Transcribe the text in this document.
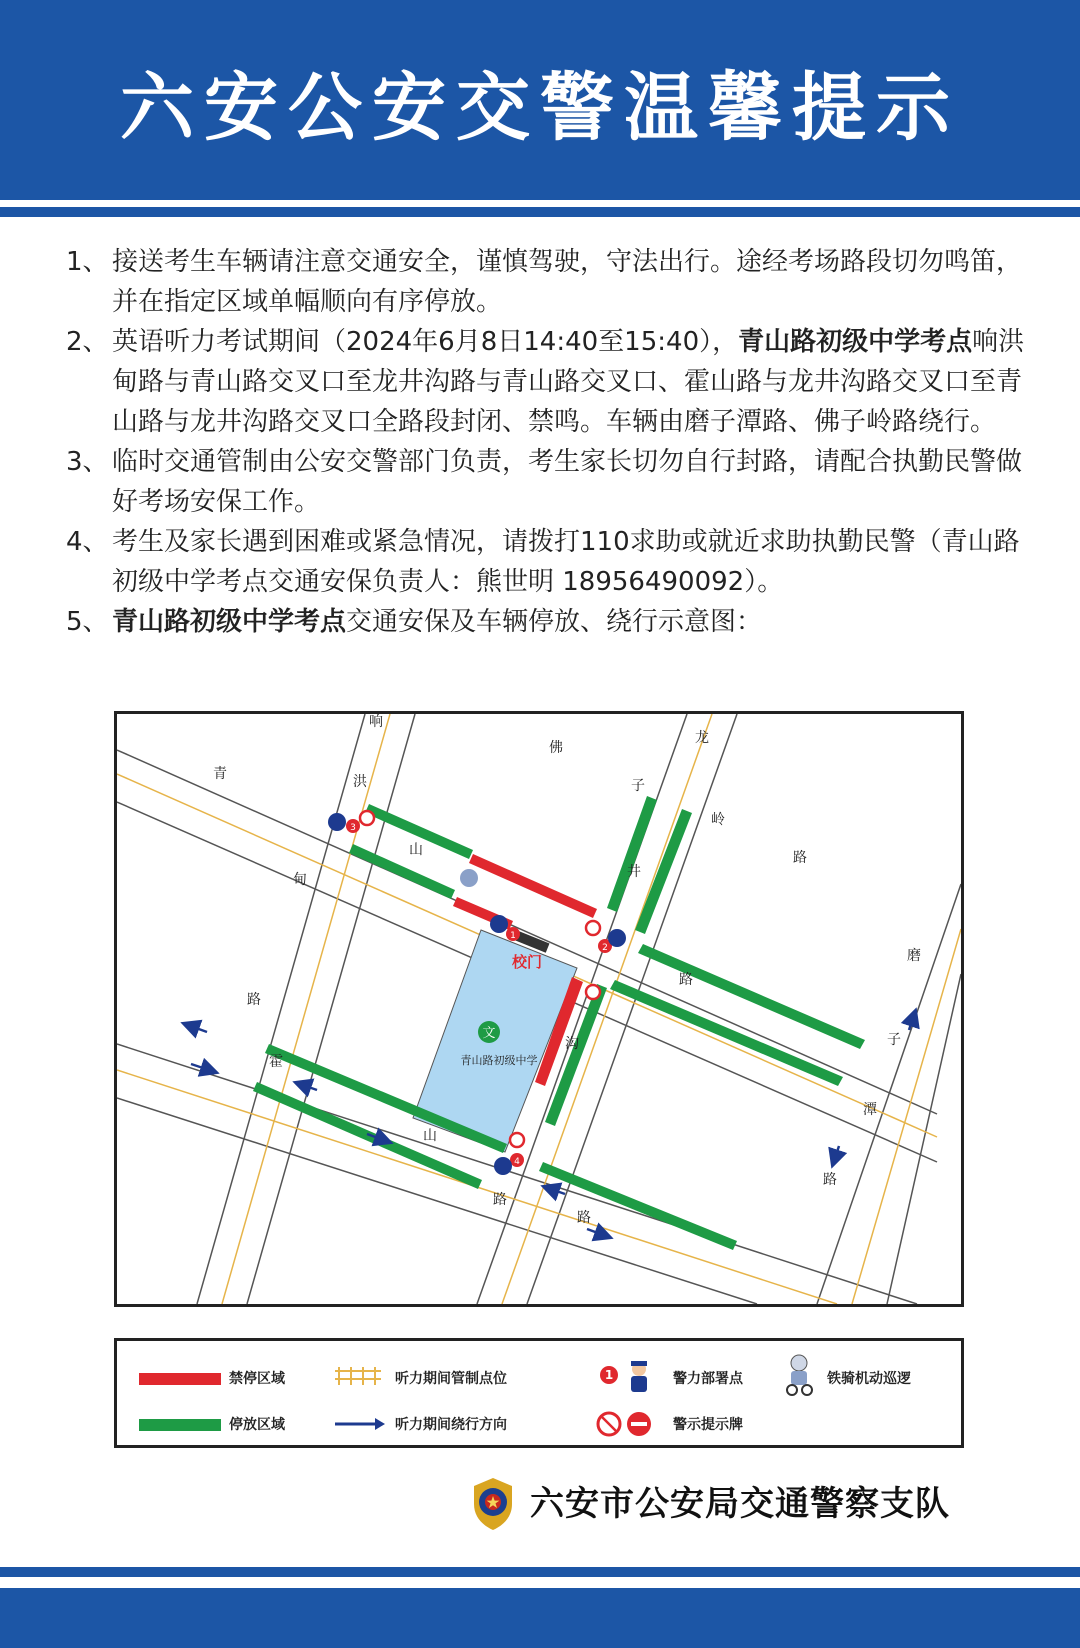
六安公安交警温馨提示
1、 接送考生车辆请注意交通安全，谨慎驾驶，守法出行。途经考场路段切勿鸣笛，并在指定区域单幅顺向有序停放。
2、 英语听力考试期间（2024年6月8日14:40至15:40），青山路初级中学考点响洪甸路与青山路交叉口至龙井沟路与青山路交叉口、霍山路与龙井沟路交叉口至青山路与龙井沟路交叉口全路段封闭、禁鸣。车辆由磨子潭路、佛子岭路绕行。
3、 临时交通管制由公安交警部门负责，考生家长切勿自行封路，请配合执勤民警做好考场安保工作。
4、 考生及家长遇到困难或紧急情况，请拨打110求助或就近求助执勤民警（青山路初级中学考点交通安保负责人：熊世明 18956490092）。
5、 青山路初级中学考点交通安保及车辆停放、绕行示意图：
文
青山路初级中学
校门
3
1
2
4
青
山
响
洪
甸
路
佛
子
岭
路
龙
井
路
沟
霍
山
路
路
磨
子
潭
路
禁停区域
停放区域
听力期间管制点位
听力期间绕行方向
1	警力部署点
警示提示牌
铁骑机动巡逻
六安市公安局交通警察支队
